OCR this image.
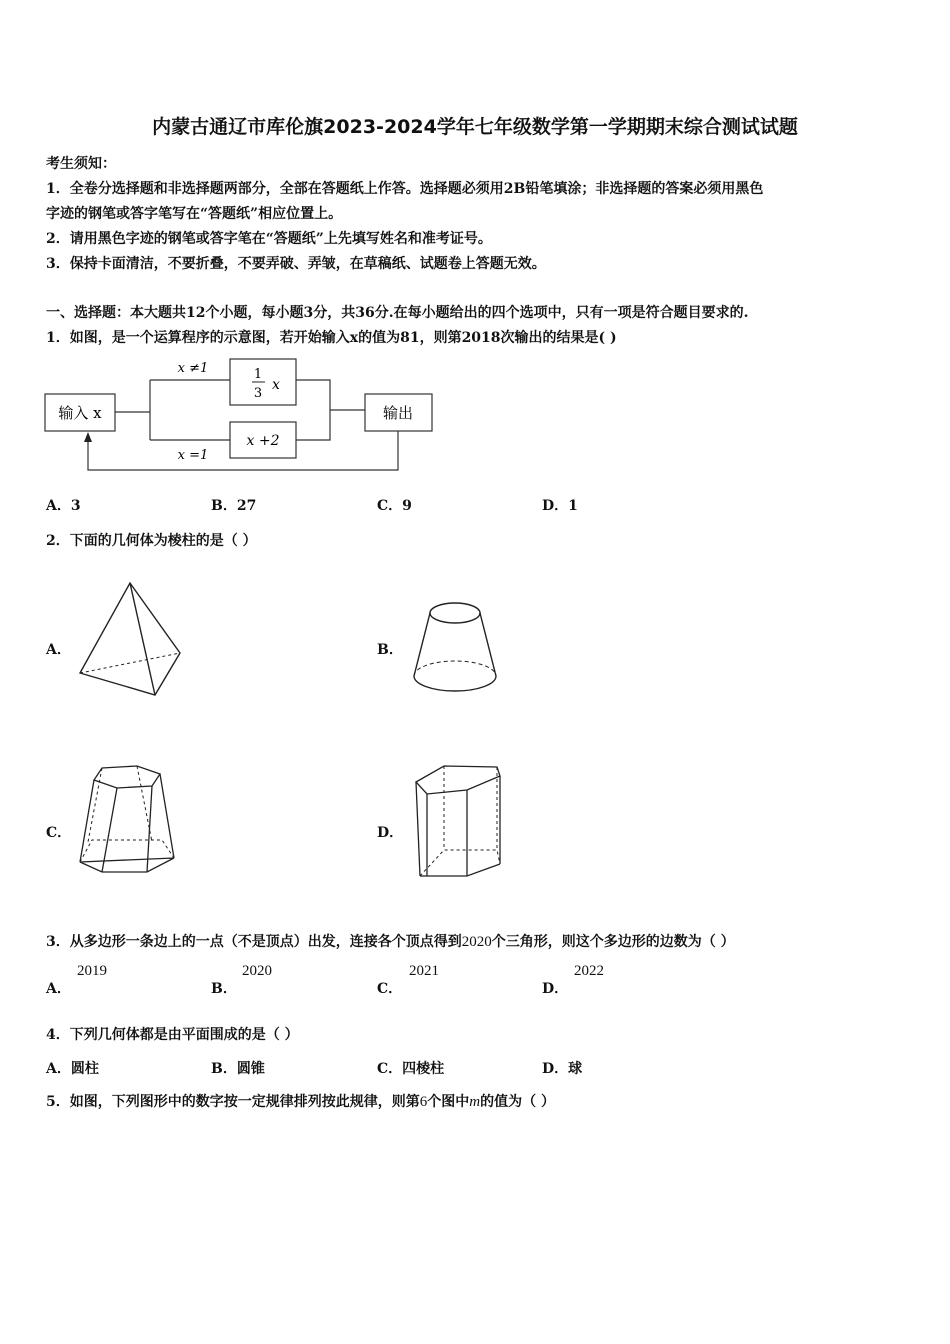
内蒙古通辽市库伦旗2023-2024学年七年级数学第一学期期末综合测试试题
考生须知：
1．全卷分选择题和非选择题两部分，全部在答题纸上作答。选择题必须用2B铅笔填涂；非选择题的答案必须用黑色
字迹的钢笔或答字笔写在“答题纸”相应位置上。
2．请用黑色字迹的钢笔或答字笔在“答题纸”上先填写姓名和准考证号。
3．保持卡面清洁，不要折叠，不要弄破、弄皱，在草稿纸、试题卷上答题无效。
一、选择题：本大题共12个小题，每小题3分，共36分.在每小题给出的四个选项中，只有一项是符合题目要求的.
1．如图，是一个运算程序的示意图，若开始输入x的值为81，则第2018次输出的结果是( )
输入 x	输出
1
3
x
x +2
x ≠1
x =1
A．3	B．27	C．9	D．1
2．下面的几何体为棱柱的是（ ）
A．	B．
C．	D．
3．从多边形一条边上的一点（不是顶点）出发，连接各个顶点得到2020个三角形，则这个多边形的边数为（ ）
A．
2019
B．
2020
C．
2021
D．
2022
4．下列几何体都是由平面围成的是（ ）
A．圆柱	B．圆锥	C．四棱柱	D．球
5．如图，下列图形中的数字按一定规律排列按此规律，则第6个图中m的值为（ ）
